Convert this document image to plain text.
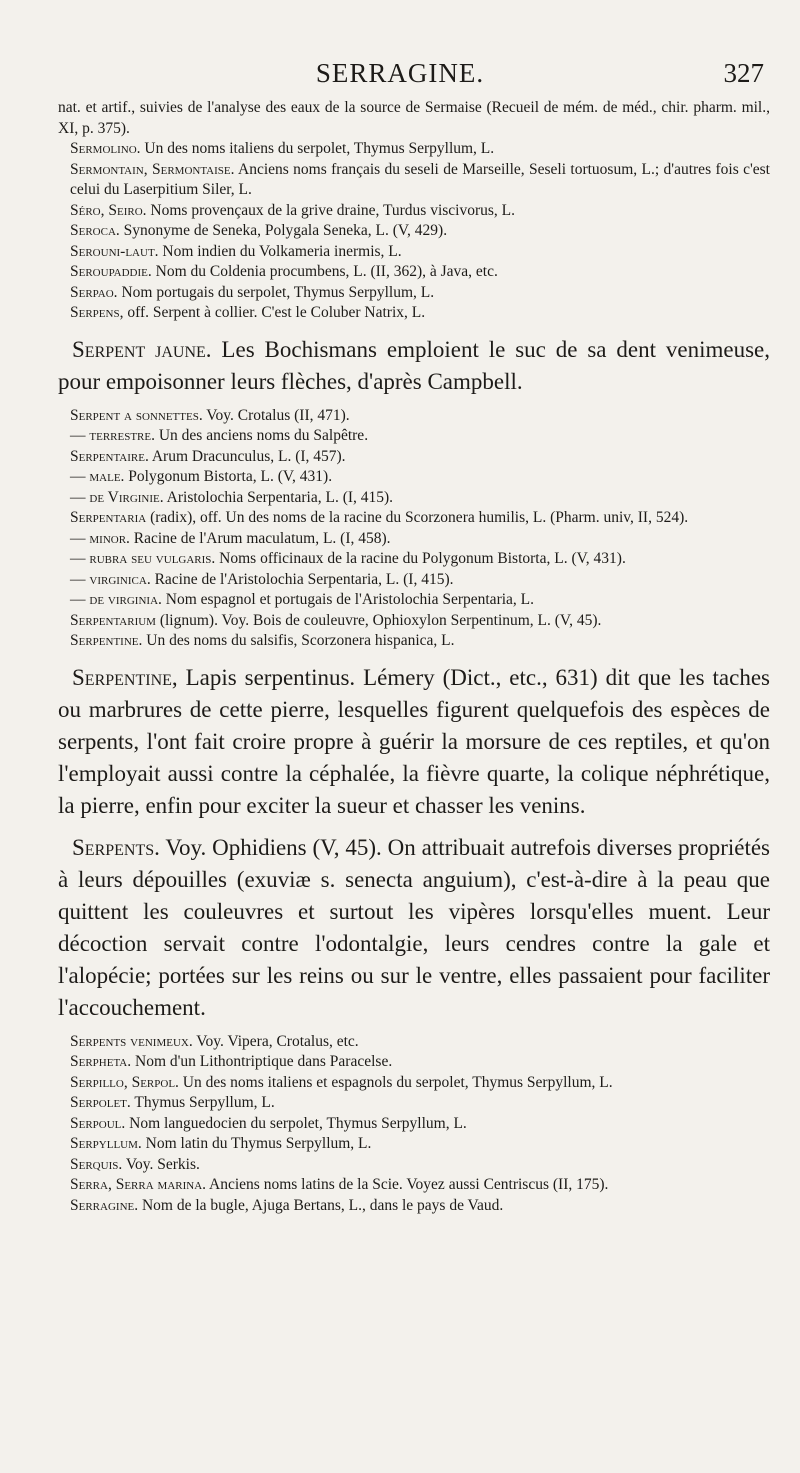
SERRAGINE.	327

nat. et artif., suivies de l'analyse des eaux de la source de Sermaise (Recueil de mém. de méd., chir. pharm. mil., XI, p. 375).

Sermolino. Un des noms italiens du serpolet, Thymus Serpyllum, L.

Sermontain, Sermontaise. Anciens noms français du seseli de Marseille, Seseli tortuosum, L.; d'autres fois c'est celui du Laserpitium Siler, L.

Séro, Seiro. Noms provençaux de la grive draine, Turdus viscivorus, L.

Seroca. Synonyme de Seneka, Polygala Seneka, L. (V, 429).

Serouni-laut. Nom indien du Volkameria inermis, L.

Seroupaddie. Nom du Coldenia procumbens, L. (II, 362), à Java, etc.

Serpao. Nom portugais du serpolet, Thymus Serpyllum, L.

Serpens, off. Serpent à collier. C'est le Coluber Natrix, L.

Serpent jaune. Les Bochismans emploient le suc de sa dent venimeuse, pour empoisonner leurs flèches, d'après Campbell.

Serpent a sonnettes. Voy. Crotalus (II, 471).

— terrestre. Un des anciens noms du Salpêtre.

Serpentaire. Arum Dracunculus, L. (I, 457).

— male. Polygonum Bistorta, L. (V, 431).

— de Virginie. Aristolochia Serpentaria, L. (I, 415).

Serpentaria (radix), off. Un des noms de la racine du Scorzonera humilis, L. (Pharm. univ, II, 524).

— minor. Racine de l'Arum maculatum, L. (I, 458).

— rubra seu vulgaris. Noms officinaux de la racine du Polygonum Bistorta, L. (V, 431).

— virginica. Racine de l'Aristolochia Serpentaria, L. (I, 415).

— de virginia. Nom espagnol et portugais de l'Aristolochia Serpentaria, L.

Serpentarium (lignum). Voy. Bois de couleuvre, Ophioxylon Serpentinum, L. (V, 45).

Serpentine. Un des noms du salsifis, Scorzonera hispanica, L.

Serpentine, Lapis serpentinus. Lémery (Dict., etc., 631) dit que les taches ou marbrures de cette pierre, lesquelles figurent quelquefois des espèces de serpents, l'ont fait croire propre à guérir la morsure de ces reptiles, et qu'on l'employait aussi contre la céphalée, la fièvre quarte, la colique néphrétique, la pierre, enfin pour exciter la sueur et chasser les venins.

Serpents. Voy. Ophidiens (V, 45). On attribuait autrefois diverses propriétés à leurs dépouilles (exuviæ s. senecta anguium), c'est-à-dire à la peau que quittent les couleuvres et surtout les vipères lorsqu'elles muent. Leur décoction servait contre l'odontalgie, leurs cendres contre la gale et l'alopécie; portées sur les reins ou sur le ventre, elles passaient pour faciliter l'accouchement.

Serpents venimeux. Voy. Vipera, Crotalus, etc.

Serpheta. Nom d'un Lithontriptique dans Paracelse.

Serpillo, Serpol. Un des noms italiens et espagnols du serpolet, Thymus Serpyllum, L.

Serpolet. Thymus Serpyllum, L.

Serpoul. Nom languedocien du serpolet, Thymus Serpyllum, L.

Serpyllum. Nom latin du Thymus Serpyllum, L.

Serquis. Voy. Serkis.

Serra, Serra marina. Anciens noms latins de la Scie. Voyez aussi Centriscus (II, 175).

Serragine. Nom de la bugle, Ajuga Bertans, L., dans le pays de Vaud.
